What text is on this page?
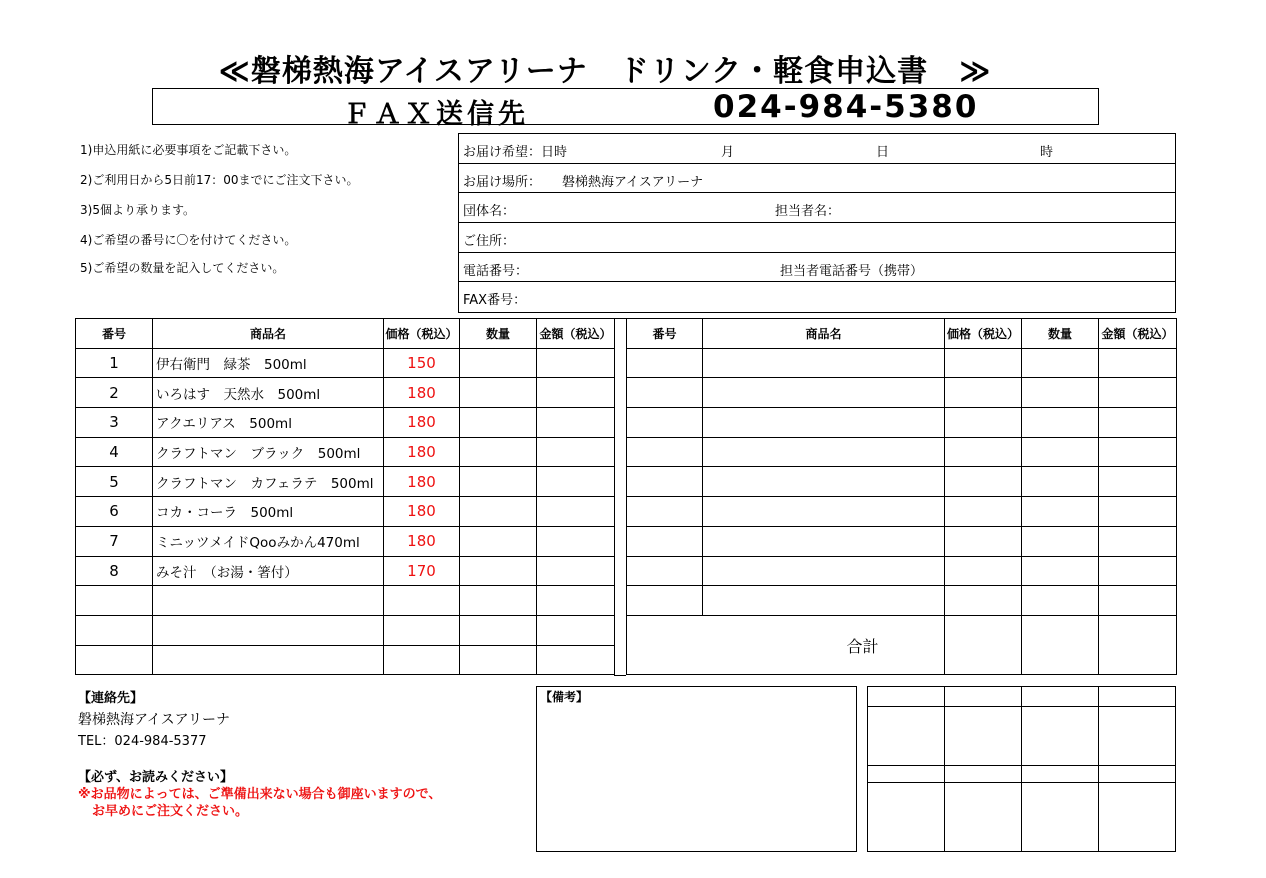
≪磐梯熱海アイスアリーナ　ドリンク・軽食申込書　≫
ＦＡＸ送信先	024-984-5380
1)申込用紙に必要事項をご記載下さい。
2)ご利用日から5日前17：00までにご注文下さい。
3)5個より承ります。
4)ご希望の番号に〇を付けてください。
5)ご希望の数量を記入してください。
お届け希望：日時	月	日	時
お届け場所： 磐梯熱海アイスアリーナ
団体名：	担当者名：
ご住所：
電話番号：	担当者電話番号（携帯）
FAX番号：
番号	商品名	価格（税込）	数量	金額（税込）
1	伊右衛門　緑茶　500ml	150		
2	いろはす　天然水　500ml	180		
3	アクエリアス　500ml	180		
4	クラフトマン　ブラック　500ml	180		
5	クラフトマン　カフェラテ　500ml	180		
6	コカ・コーラ　500ml	180		
7	ミニッツメイドQooみかん470ml	180		
8	みそ汁　（お湯・箸付）	170		

番号	商品名	価格（税込）	数量	金額（税込）

合計				

【連絡先】
磐梯熱海アイスアリーナ
TEL：024-984-5377
【必ず、お読みください】
※お品物によっては、ご準備出来ない場合も御座いますので、
お早めにご注文ください。
【備考】
